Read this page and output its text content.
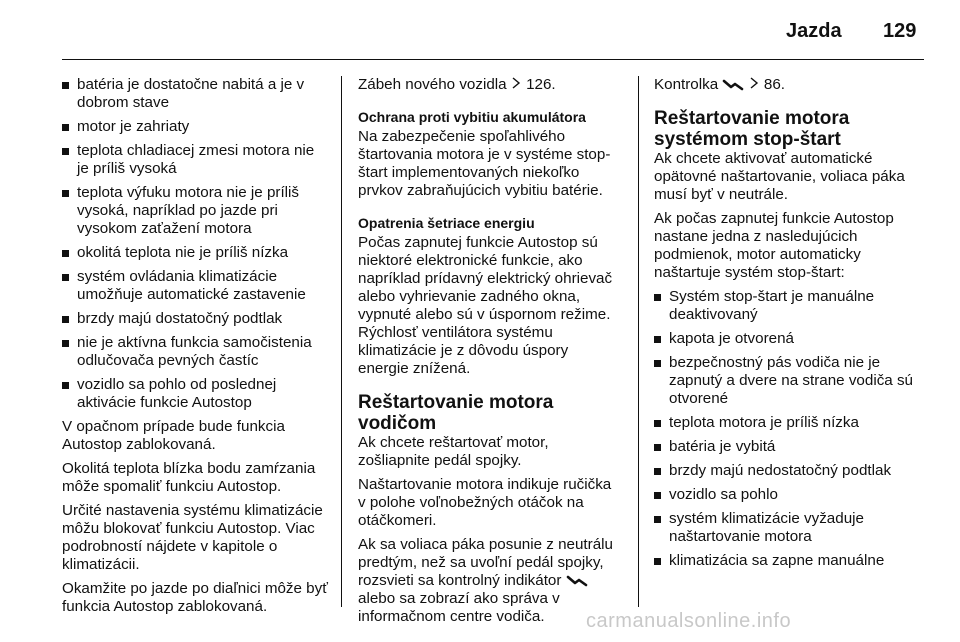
Jazda 129
batéria je dostatočne nabitá a je v dobrom stave
motor je zahriaty
teplota chladiacej zmesi motora nie je príliš vysoká
teplota výfuku motora nie je príliš vysoká, napríklad po jazde pri vysokom zaťažení motora
okolitá teplota nie je príliš nízka
systém ovládania klimatizácie umožňuje automatické zastavenie
brzdy majú dostatočný podtlak
nie je aktívna funkcia samočistenia odlučovača pevných častíc
vozidlo sa pohlo od poslednej aktivácie funkcie Autostop

V opačnom prípade bude funkcia Autostop zablokovaná.

Okolitá teplota blízka bodu zamŕzania môže spomaliť funkciu Autostop.

Určité nastavenia systému klimatizácie môžu blokovať funkciu Autostop. Viac podrobností nájdete v kapitole o klimatizácii.

Okamžite po jazde po diaľnici môže byť funkcia Autostop zablokovaná.

Zábeh nového vozidla 126.

Ochrana proti vybitiu akumulátora

Na zabezpečenie spoľahlivého štartovania motora je v systéme stop-štart implementovaných niekoľko prvkov zabraňujúcich vybitiu batérie.

Opatrenia šetriace energiu

Počas zapnutej funkcie Autostop sú niektoré elektronické funkcie, ako napríklad prídavný elektrický ohrievač alebo vyhrievanie zadného okna, vypnuté alebo sú v úspornom režime. Rýchlosť ventilátora systému klimatizácie je z dôvodu úspory energie znížená.

Reštartovanie motora vodičom

Ak chcete reštartovať motor, zošliapnite pedál spojky.

Naštartovanie motora indikuje ručička v polohe voľnobežných otáčok na otáčkomeri.

Ak sa voliaca páka posunie z neutrálu predtým, než sa uvoľní pedál spojky, rozsvieti sa kontrolný indikátor  alebo sa zobrazí ako správa v informačnom centre vodiča.

Kontrolka	86.

Reštartovanie motora systémom stop-štart

Ak chcete aktivovať automatické opätovné naštartovanie, voliaca páka musí byť v neutrále.

Ak počas zapnutej funkcie Autostop nastane jedna z nasledujúcich podmienok, motor automaticky naštartuje systém stop-štart:

Systém stop-štart je manuálne deaktivovaný
kapota je otvorená
bezpečnostný pás vodiča nie je zapnutý a dvere na strane vodiča sú otvorené
teplota motora je príliš nízka
batéria je vybitá
brzdy majú nedostatočný podtlak
vozidlo sa pohlo
systém klimatizácie vyžaduje naštartovanie motora
klimatizácia sa zapne manuálne
carmanualsonline.info
